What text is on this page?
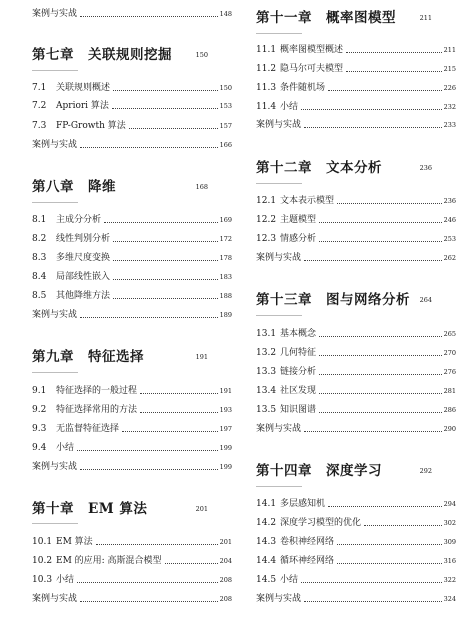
案例与实战	148
第七章　关联规则挖掘	150
7.1	关联规则概述	150
7.2	Apriori 算法	153
7.3	FP-Growth 算法	157
案例与实战	166
第八章　降维	168
8.1	主成分分析	169
8.2	线性判别分析	172
8.3	多维尺度变换	178
8.4	局部线性嵌入	183
8.5	其他降维方法	188
案例与实战	189
第九章　特征选择	191
9.1	特征选择的一般过程	191
9.2	特征选择常用的方法	193
9.3	无监督特征选择	197
9.4	小结	199
案例与实战	199
第十章　EM 算法	201
10.1 EM 算法	201
10.2 EM 的应用: 高斯混合模型	204
10.3 小结	208
案例与实战	208
第十一章　概率图模型	211
11.1 概率图模型概述	211
11.2 隐马尔可夫模型	215
11.3 条件随机场	226
11.4 小结	232
案例与实战	233
第十二章　文本分析	236
12.1 文本表示模型	236
12.2 主题模型	246
12.3 情感分析	253
案例与实战	262
第十三章　图与网络分析 264
13.1 基本概念	265
13.2 几何特征	270
13.3 链接分析	276
13.4 社区发现	281
13.5 知识图谱	286
案例与实战	290
第十四章　深度学习	292
14.1 多层感知机	294
14.2 深度学习模型的优化	302
14.3 卷积神经网络	309
14.4 循环神经网络	316
14.5 小结	322
案例与实战	324
